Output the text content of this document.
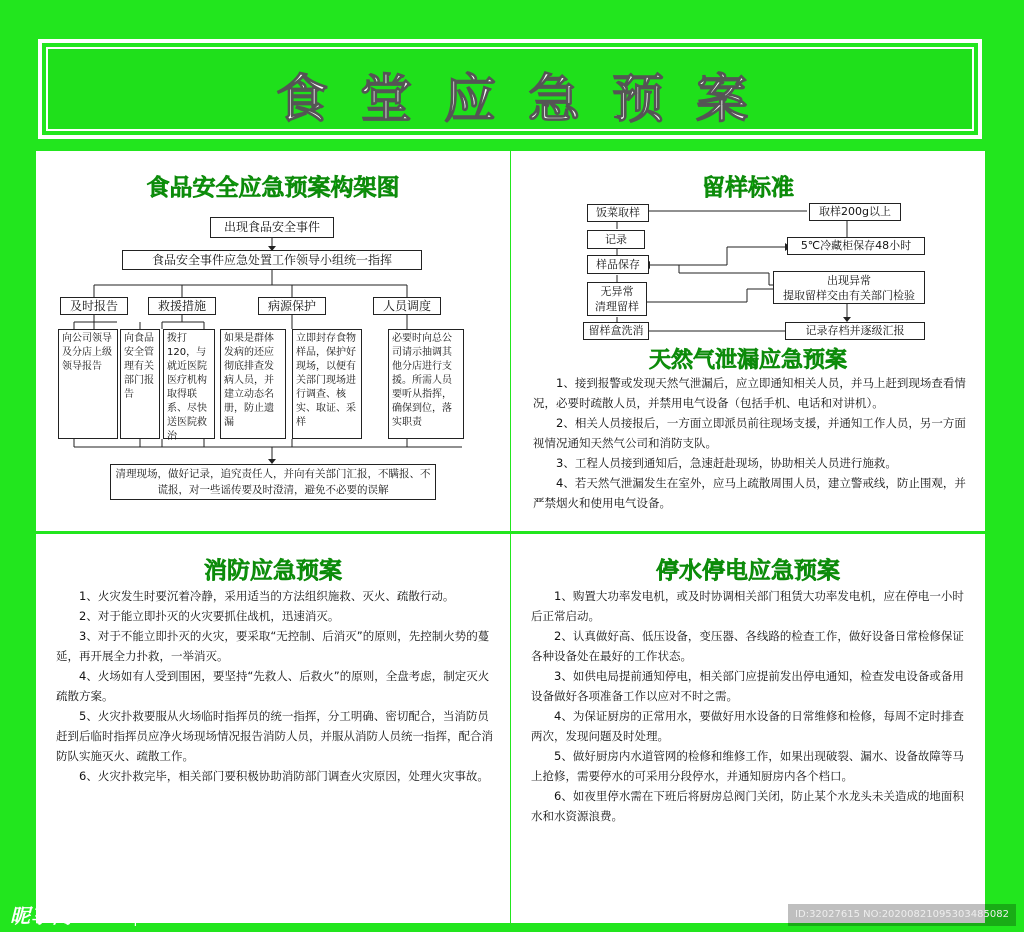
食堂应急预案
食品安全应急预案构架图
出现食品安全事件
食品安全事件应急处置工作领导小组统一指挥
及时报告	救援措施	病源保护	人员调度
向公司领导及分店上级领导报告
向食品安全管理有关部门报告
拨打120，与就近医院医疗机构取得联系、尽快送医院救治
如果是群体发病的还应彻底排查发病人员，并建立动态名册，防止遗漏
立即封存食物样品，保护好现场，以便有关部门现场进行调查、核实、取证、采样
必要时向总公司请示抽调其他分店进行支援。所需人员要听从指挥，确保到位，落实职责
清理现场，做好记录，追究责任人，并向有关部门汇报，不瞒报、不谎报，对一些谣传要及时澄清，避免不必要的误解
留样标准
饭菜取样	取样200g以上
记录	5℃冷藏柜保存48小时
样品保存
出现异常
提取留样交由有关部门检验
无异常
清理留样
留样盒洗消	记录存档并逐级汇报
天然气泄漏应急预案

1、接到报警或发现天然气泄漏后，应立即通知相关人员，并马上赶到现场查看情况，必要时疏散人员，并禁用电气设备（包括手机、电话和对讲机）。

2、相关人员接报后，一方面立即派员前往现场支援，并通知工作人员，另一方面视情况通知天然气公司和消防支队。

3、工程人员接到通知后，急速赶赴现场，协助相关人员进行施救。

4、若天然气泄漏发生在室外，应马上疏散周围人员，建立警戒线，防止围观，并严禁烟火和使用电气设备。

消防应急预案

1、火灾发生时要沉着冷静，采用适当的方法组织施救、灭火、疏散行动。

2、对于能立即扑灭的火灾要抓住战机，迅速消灭。

3、对于不能立即扑灭的火灾，要采取“无控制、后消灭”的原则，先控制火势的蔓延，再开展全力扑救，一举消灭。

4、火场如有人受到围困，要坚持“先救人、后救火”的原则，全盘考虑，制定灭火疏散方案。

5、火灾扑救要服从火场临时指挥员的统一指挥，分工明确、密切配合，当消防员赶到后临时指挥员应净火场现场情况报告消防人员，并服从消防人员统一指挥，配合消防队实施灭火、疏散工作。

6、火灾扑救完毕，相关部门要积极协助消防部门调查火灾原因，处理火灾事故。

停水停电应急预案

1、购置大功率发电机，或及时协调相关部门租赁大功率发电机，应在停电一小时后正常启动。

2、认真做好高、低压设备，变压器、各线路的检查工作，做好设备日常检修保证各种设备处在最好的工作状态。

3、如供电局提前通知停电，相关部门应提前发出停电通知，检查发电设备或备用设备做好各项准备工作以应对不时之需。

4、为保证厨房的正常用水，要做好用水设备的日常维修和检修，每周不定时排查两次，发现问题及时处理。

5、做好厨房内水道管网的检修和维修工作，如果出现破裂、漏水、设备故障等马上抢修，需要停水的可采用分段停水，并通知厨房内各个档口。

6、如夜里停水需在下班后将厨房总阀门关闭，防止某个水龙头未关造成的地面积水和水资源浪费。

昵享网 www.nipic.cn	ID:32027615 NO:20200821095303485082
